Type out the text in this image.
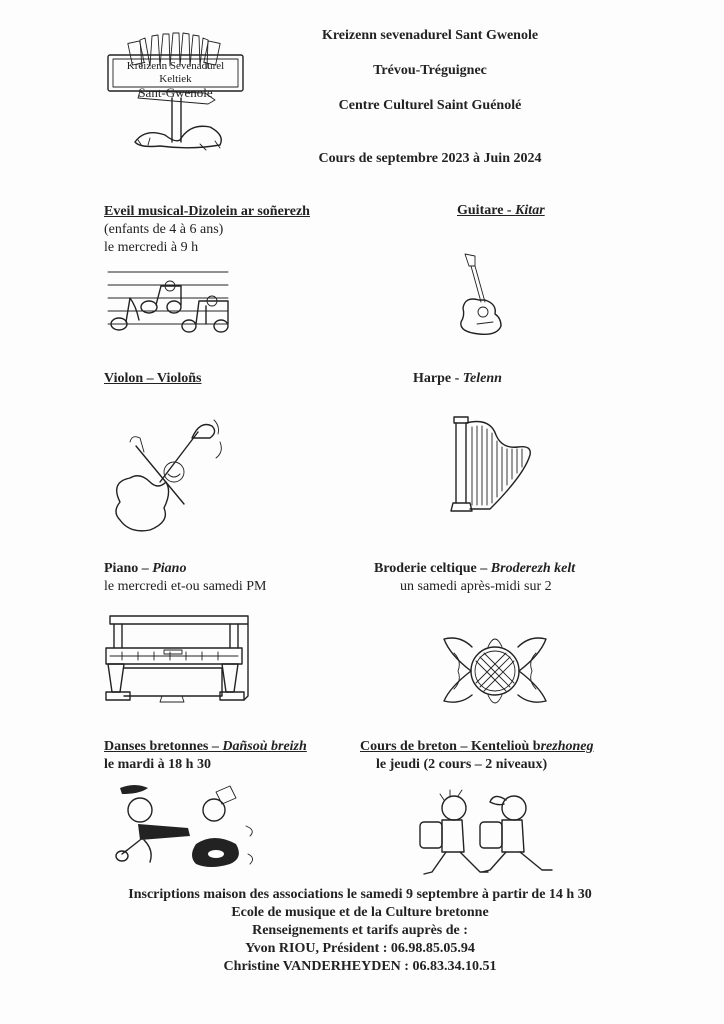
Kreizenn Sevenadurel Keltiek
Sant-Gwenole
Kreizenn sevenadurel Sant Gwenole
Trévou-Tréguignec
Centre Culturel Saint Guénolé
Cours de septembre 2023 à Juin 2024
Eveil musical-Dizolein ar soñerezh
(enfants de 4 à 6 ans)
le mercredi à 9 h
Guitare - Kitar
Violon – Violoñs	Harpe - Telenn
Piano – Piano
le mercredi et-ou samedi PM
Broderie celtique – Broderezh kelt
un samedi après-midi sur 2
Danses bretonnes – Dañsoù breizh
le mardi à 18 h 30
Cours de breton – Kentelioù brezhoneg
le jeudi (2 cours – 2 niveaux)
Inscriptions maison des associations le samedi 9 septembre à partir de 14 h 30
Ecole de musique et de la Culture bretonne
Renseignements et tarifs auprès de :
Yvon RIOU, Président : 06.98.85.05.94
Christine VANDERHEYDEN : 06.83.34.10.51
